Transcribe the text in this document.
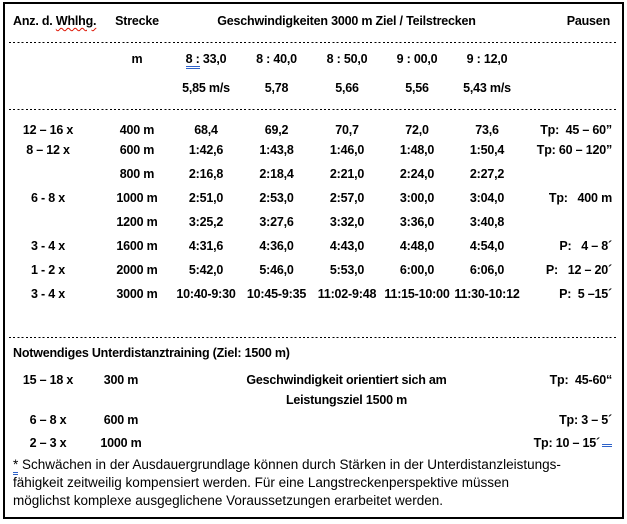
Anz. d. Whlhg.	Strecke	Geschwindigkeiten 3000 m Ziel / Teilstrecken					Pausen

	m	8 : 33,0	8 : 40,0	8 : 50,0	9 : 00,0	9 : 12,0	
		5,85 m/s	5,78	5,66	5,56	5,43 m/s	

12 – 16 x	400 m	68,4	69,2	70,7	72,0	73,6	Tp:  45 – 60”
8 – 12 x	600 m	1:42,6	1:43,8	1:46,0	1:48,0	1:50,4	Tp: 60 – 120”
	800 m	2:16,8	2:18,4	2:21,0	2:24,0	2:27,2	
6 - 8 x	1000 m	2:51,0	2:53,0	2:57,0	3:00,0	3:04,0	Tp:   400 m
	1200 m	3:25,2	3:27,6	3:32,0	3:36,0	3:40,8	
3 - 4 x	1600 m	4:31,6	4:36,0	4:43,0	4:48,0	4:54,0	P:   4 – 8´
1 - 2 x	2000 m	5:42,0	5:46,0	5:53,0	6:00,0	6:06,0	P:   12 – 20´
3 - 4 x	3000 m	10:40-9:30	10:45-9:35	11:02-9:48	11:15-10:00	11:30-10:12	P:  5 –15´

Notwendiges Unterdistanztraining (Ziel: 1500 m)							
15 – 18 x	300 m	Geschwindigkeit orientiert sich am					Tp:  45-60“
		Leistungsziel 1500 m					
6 – 8 x	600 m						Tp: 3 – 5´
2 – 3 x	1000 m						Tp: 10 – 15´

* Schwächen in der Ausdauergrundlage können durch Stärken in der Unterdistanzleistungs-
fähigkeit zeitweilig kompensiert werden. Für eine Langstreckenperspektive müssen
möglichst komplexe ausgeglichene Voraussetzungen erarbeitet werden.							
